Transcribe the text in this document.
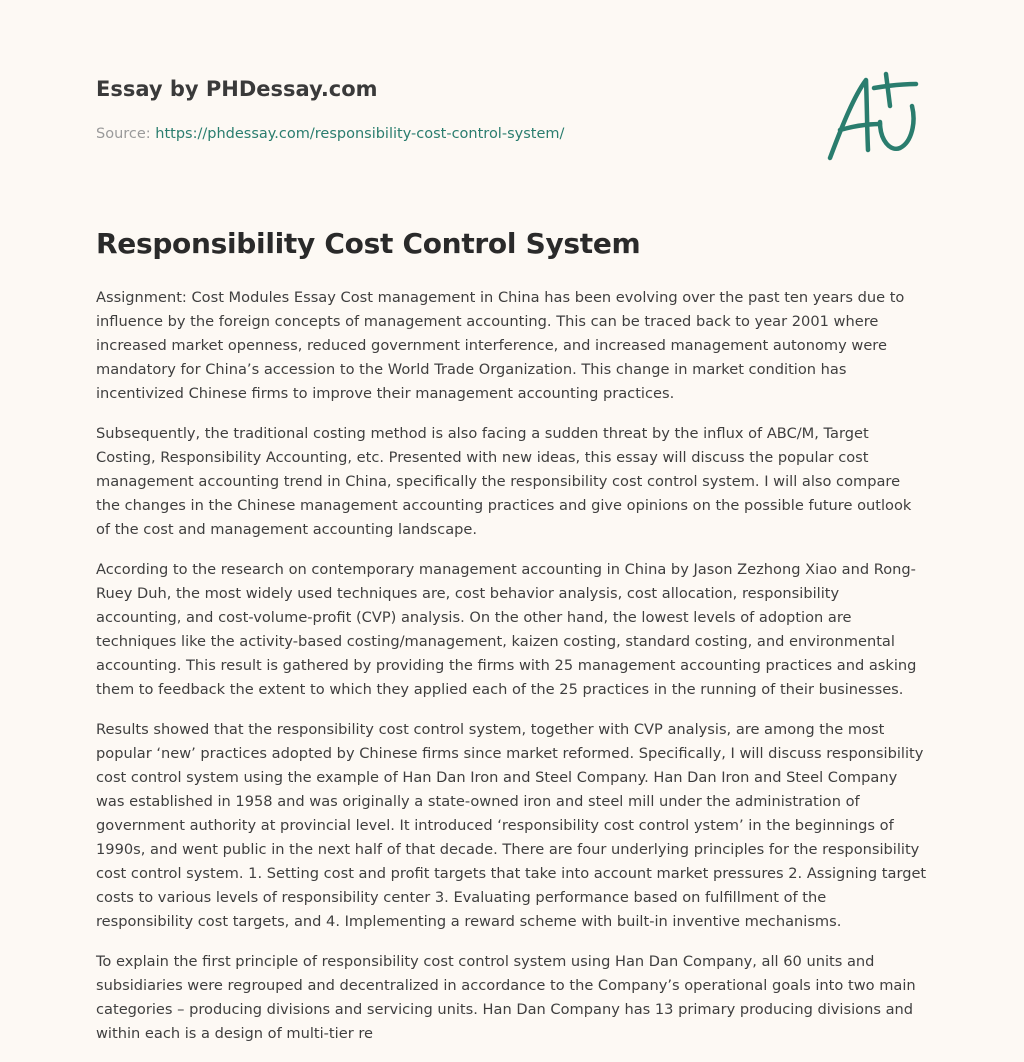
Essay by PHDessay.com
Source: https://phdessay.com/responsibility-cost-control-system/
Responsibility Cost Control System

Assignment: Cost Modules Essay Cost management in China has been evolving over the past ten years due to influence by the foreign concepts of management accounting. This can be traced back to year 2001 where increased market openness, reduced government interference, and increased management autonomy were mandatory for China’s accession to the World Trade Organization. This change in market condition has incentivized Chinese firms to improve their management accounting practices.

Subsequently, the traditional costing method is also facing a sudden threat by the influx of ABC/M, Target Costing, Responsibility Accounting, etc. Presented with new ideas, this essay will discuss the popular cost management accounting trend in China, specifically the responsibility cost control system. I will also compare the changes in the Chinese management accounting practices and give opinions on the possible future outlook of the cost and management accounting landscape.

According to the research on contemporary management accounting in China by Jason Zezhong Xiao and Rong-Ruey Duh, the most widely used techniques are, cost behavior analysis, cost allocation, responsibility accounting, and cost-volume-profit (CVP) analysis. On the other hand, the lowest levels of adoption are techniques like the activity-based costing/management, kaizen costing, standard costing, and environmental accounting. This result is gathered by providing the firms with 25 management accounting practices and asking them to feedback the extent to which they applied each of the 25 practices in the running of their businesses.

Results showed that the responsibility cost control system, together with CVP analysis, are among the most popular ‘new’ practices adopted by Chinese firms since market reformed. Specifically, I will discuss responsibility cost control system using the example of Han Dan Iron and Steel Company. Han Dan Iron and Steel Company was established in 1958 and was originally a state-owned iron and steel mill under the administration of government authority at provincial level. It introduced ‘responsibility cost control ystem’ in the beginnings of 1990s, and went public in the next half of that decade. There are four underlying principles for the responsibility cost control system. 1. Setting cost and profit targets that take into account market pressures 2. Assigning target costs to various levels of responsibility center 3. Evaluating performance based on fulfillment of the responsibility cost targets, and 4. Implementing a reward scheme with built-in inventive mechanisms.

To explain the first principle of responsibility cost control system using Han Dan Company, all 60 units and subsidiaries were regrouped and decentralized in accordance to the Company’s operational goals into two main categories – producing divisions and servicing units. Han Dan Company has 13 primary producing divisions and within each is a design of multi-tier re
